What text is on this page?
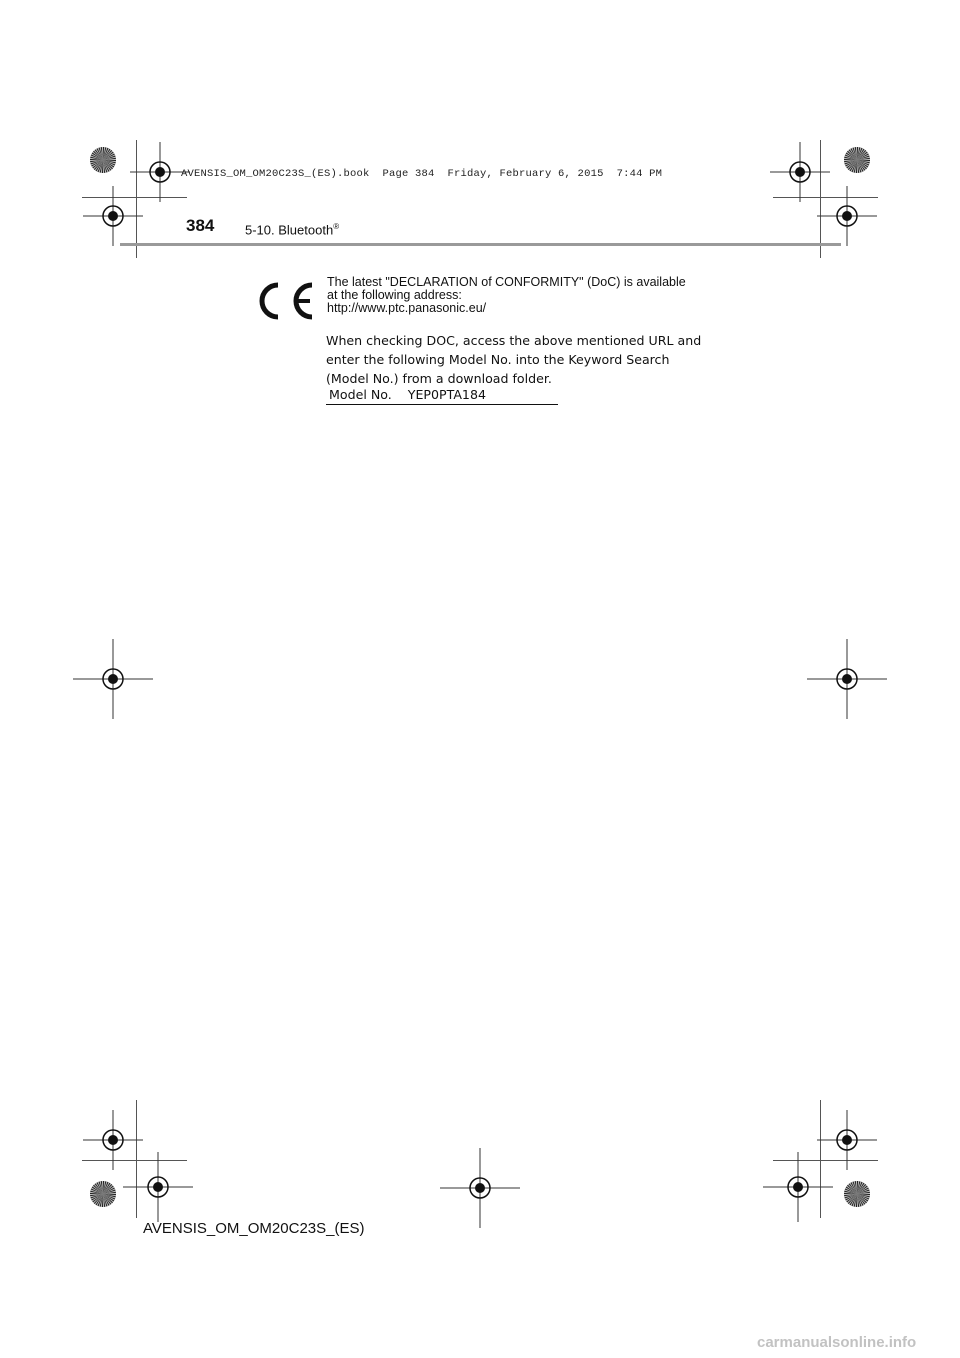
AVENSIS_OM_OM20C23S_(ES).book  Page 384  Friday, February 6, 2015  7:44 PM
384 5-10. Bluetooth®
The latest "DECLARATION of CONFORMITY" (DoC) is available
at the following address:
http://www.ptc.panasonic.eu/
When checking DOC, access the above mentioned URL and enter the following Model No. into the Keyword Search (Model No.) from a download folder.
Model No. YEP0PTA184
AVENSIS_OM_OM20C23S_(ES)
carmanualsonline.info
